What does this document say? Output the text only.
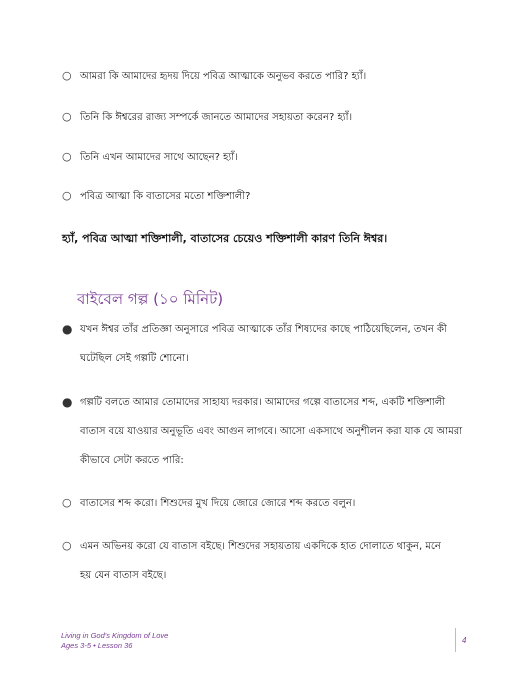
○ আমরা কি আমাদের হৃদয় দিয়ে পবিত্র আত্মাকে অনুভব করতে পারি? হ্যাঁ।
○ তিনি কি ঈশ্বরের রাজ্য সম্পর্কে জানতে আমাদের সহায়তা করেন? হ্যাঁ।
○ তিনি এখন আমাদের সাথে আছেন? হ্যাঁ।
○ পবিত্র আত্মা কি বাতাসের মতো শক্তিশালী?
হ্যাঁ, পবিত্র আত্মা শক্তিশালী, বাতাসের চেয়েও শক্তিশালী কারণ তিনি ঈশ্বর।
বাইবেল গল্প (১০ মিনিট)
● যখন ঈশ্বর তাঁর প্রতিজ্ঞা অনুসারে পবিত্র আত্মাকে তাঁর শিষ্যদের কাছে পাঠিয়েছিলেন, তখন কী
ঘটেছিল সেই গল্পটি শোনো।
● গল্পটি বলতে আমার তোমাদের সাহায্য দরকার। আমাদের গল্পে বাতাসের শব্দ, একটি শক্তিশালী
বাতাস বয়ে যাওয়ার অনুভূতি এবং আগুন লাগবে। আসো একসাথে অনুশীলন করা যাক যে আমরা
কীভাবে সেটা করতে পারি:
○ বাতাসের শব্দ করো। শিশুদের মুখ দিয়ে জোরে জোরে শব্দ করতে বলুন।
○ এমন অভিনয় করো যে বাতাস বইছে। শিশুদের সহায়তায় একদিকে হাত দোলাতে থাকুন, মনে
হয় যেন বাতাস বইছে।
Living in God's Kingdom of Love
Ages 3-5 • Lesson 36
4
